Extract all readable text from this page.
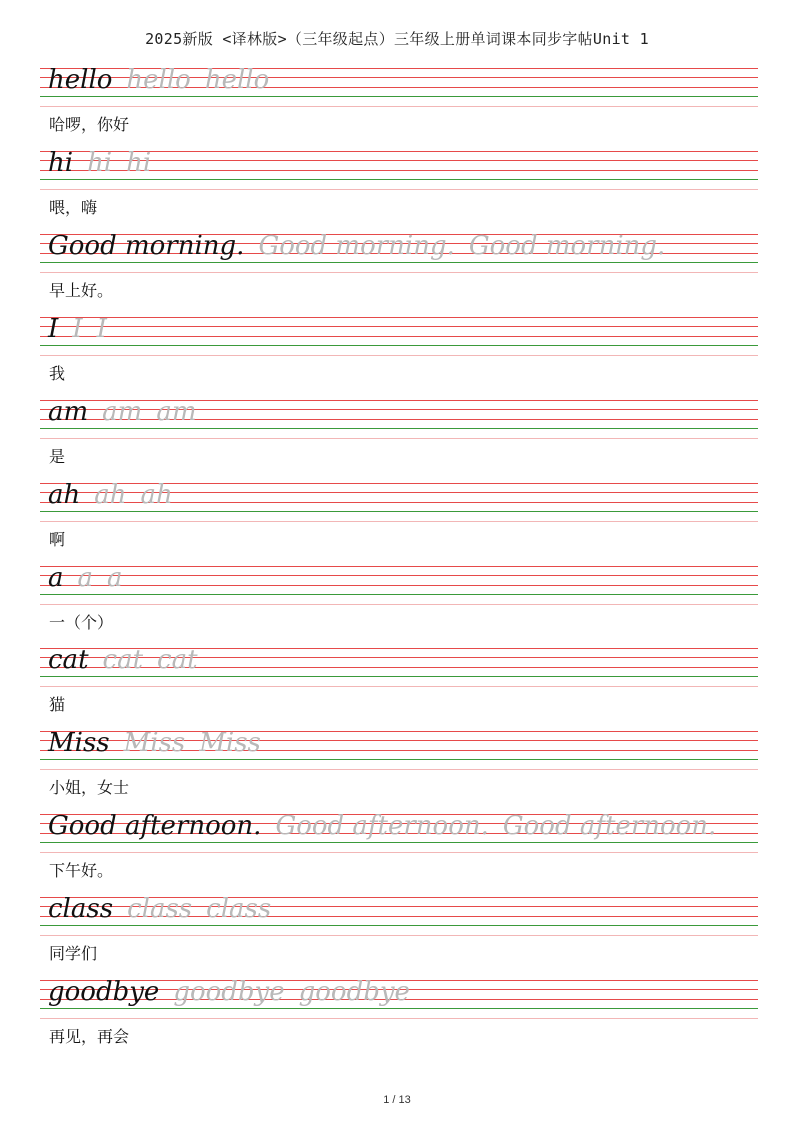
2025新版 <译林版>（三年级起点）三年级上册单词课本同步字帖Unit 1
hello hello hello
哈啰，你好
hi hi hi
喂，嗨
Good morning. Good morning. Good morning.
早上好。
I I I
我
am am am
是
ah ah ah
啊
a a a
一（个）
cat cat cat
猫
Miss Miss Miss
小姐，女士
Good afternoon. Good afternoon. Good afternoon.
下午好。
class class class
同学们
goodbye goodbye goodbye
再见，再会
1 / 13
